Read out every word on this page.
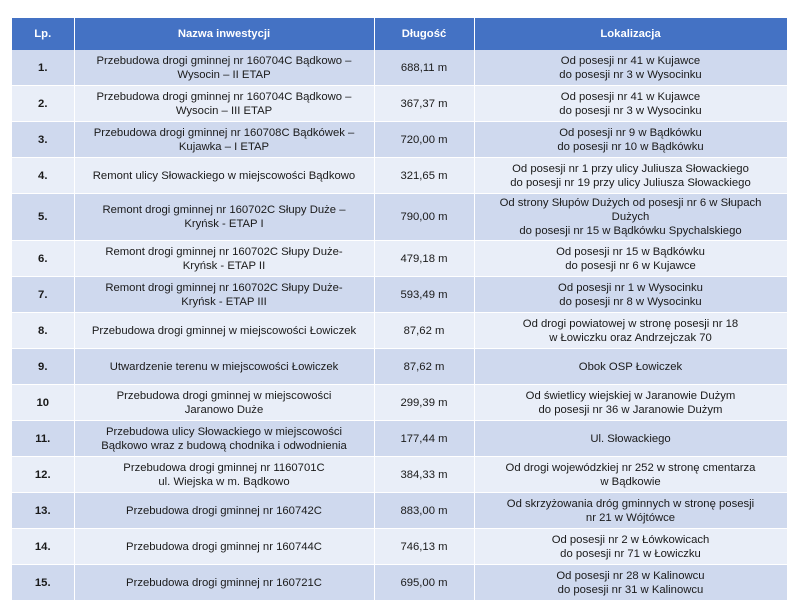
Lp.	Nazwa inwestycji	Długość	Lokalizacja
1.	Przebudowa drogi gminnej nr 160704C Bądkowo –
Wysocin – II ETAP	688,11 m	Od posesji nr 41 w Kujawce
do posesji nr 3 w Wysocinku
2.	Przebudowa drogi gminnej nr 160704C Bądkowo –
Wysocin – III ETAP	367,37 m	Od posesji nr 41 w Kujawce
do posesji nr 3 w Wysocinku
3.	Przebudowa drogi gminnej nr 160708C Bądkówek –
Kujawka – I ETAP	720,00 m	Od posesji nr 9 w Bądkówku
do posesji nr 10 w Bądkówku
4.	Remont ulicy Słowackiego w miejscowości Bądkowo	321,65 m	Od posesji nr 1 przy ulicy Juliusza Słowackiego
do posesji nr 19 przy ulicy Juliusza Słowackiego
5.	Remont drogi gminnej nr 160702C Słupy Duże –
Kryńsk - ETAP I	790,00 m	Od strony Słupów Dużych od posesji nr 6 w Słupach
Dużych
do posesji nr 15 w Bądkówku Spychalskiego
6.	Remont drogi gminnej nr 160702C Słupy Duże-
Kryńsk - ETAP II	479,18 m	Od posesji nr 15 w Bądkówku
do posesji nr 6 w Kujawce
7.	Remont drogi gminnej nr 160702C Słupy Duże-
Kryńsk - ETAP III	593,49 m	Od posesji nr 1 w Wysocinku
do posesji nr 8 w Wysocinku
8.	Przebudowa drogi gminnej w miejscowości Łowiczek	87,62 m	Od drogi powiatowej w stronę posesji nr 18
w Łowiczku oraz Andrzejczak 70
9.	Utwardzenie terenu w miejscowości Łowiczek	87,62 m	Obok OSP Łowiczek
10	Przebudowa drogi gminnej w miejscowości
Jaranowo Duże	299,39 m	Od świetlicy wiejskiej w Jaranowie Dużym
do posesji nr 36 w Jaranowie Dużym
11.	Przebudowa ulicy Słowackiego w miejscowości
Bądkowo wraz z budową chodnika i odwodnienia	177,44 m	Ul. Słowackiego
12.	Przebudowa drogi gminnej nr 1160701C
ul. Wiejska w m. Bądkowo	384,33 m	Od drogi wojewódzkiej nr 252 w stronę cmentarza
w Bądkowie
13.	Przebudowa drogi gminnej nr 160742C	883,00 m	Od skrzyżowania dróg gminnych w stronę posesji
nr 21 w Wójtówce
14.	Przebudowa drogi gminnej nr 160744C	746,13 m	Od posesji nr 2 w Łówkowicach
do posesji nr 71 w Łowiczku
15.	Przebudowa drogi gminnej nr 160721C	695,00 m	Od posesji nr 28 w Kalinowcu
do posesji nr 31 w Kalinowcu
